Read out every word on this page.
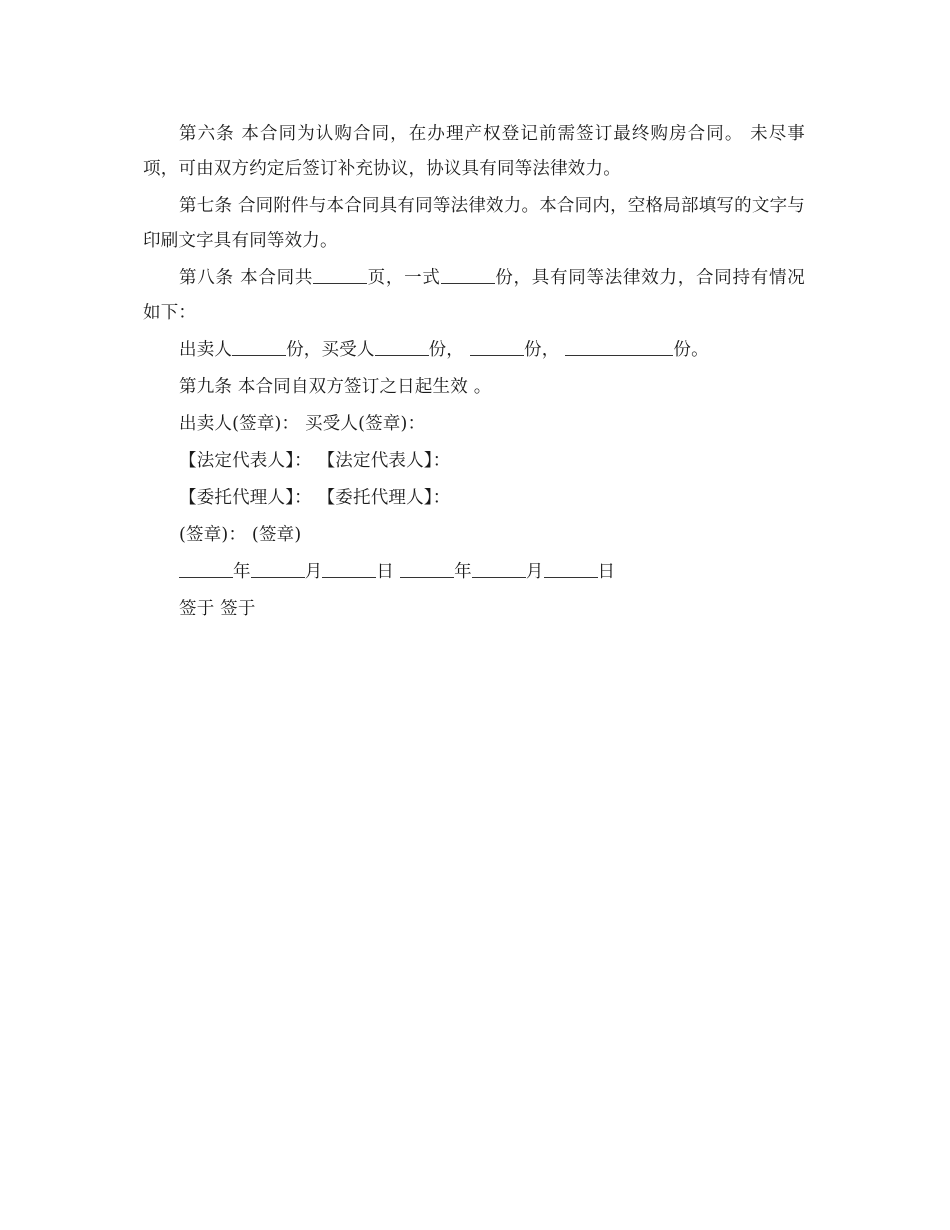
第六条 本合同为认购合同，在办理产权登记前需签订最终购房合同。 未尽事项，可由双方约定后签订补充协议，协议具有同等法律效力。

第七条 合同附件与本合同具有同等法律效力。本合同内，空格局部填写的文字与印刷文字具有同等效力。

第八条 本合同共	页，一式	份，具有同等法律效力，合同持有情况如下：

出卖人	份，买受人	份，	份，	份。

第九条 本合同自双方签订之日起生效 。

出卖人(签章)： 买受人(签章)：

【法定代表人】： 【法定代表人】：

【委托代理人】： 【委托代理人】：

(签章)： (签章)

年	月	日	年	月	日

签于 签于
